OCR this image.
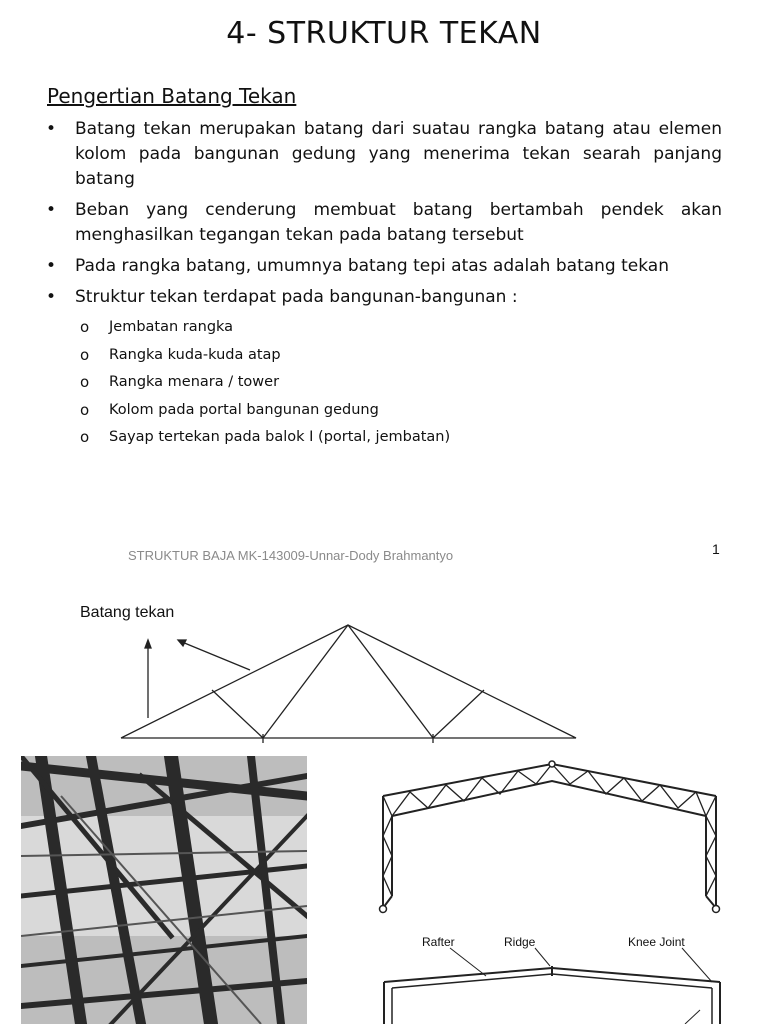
4- STRUKTUR TEKAN
Pengertian Batang Tekan
• Batang tekan merupakan batang dari suatau rangka batang atau elemen kolom pada bangunan gedung yang menerima tekan searah panjang batang
• Beban yang cenderung membuat batang bertambah pendek akan menghasilkan tegangan tekan pada batang tersebut
• Pada rangka batang, umumnya batang tepi atas adalah batang tekan
• Struktur tekan terdapat pada bangunan-bangunan :
o Jembatan rangka
o Rangka kuda-kuda atap
o Rangka menara / tower
o Kolom pada portal bangunan gedung
o Sayap tertekan pada balok I (portal, jembatan)
STRUKTUR BAJA MK-143009-Unnar-Dody Brahmantyo	1
Batang tekan
Rafter	Ridge	Knee Joint
